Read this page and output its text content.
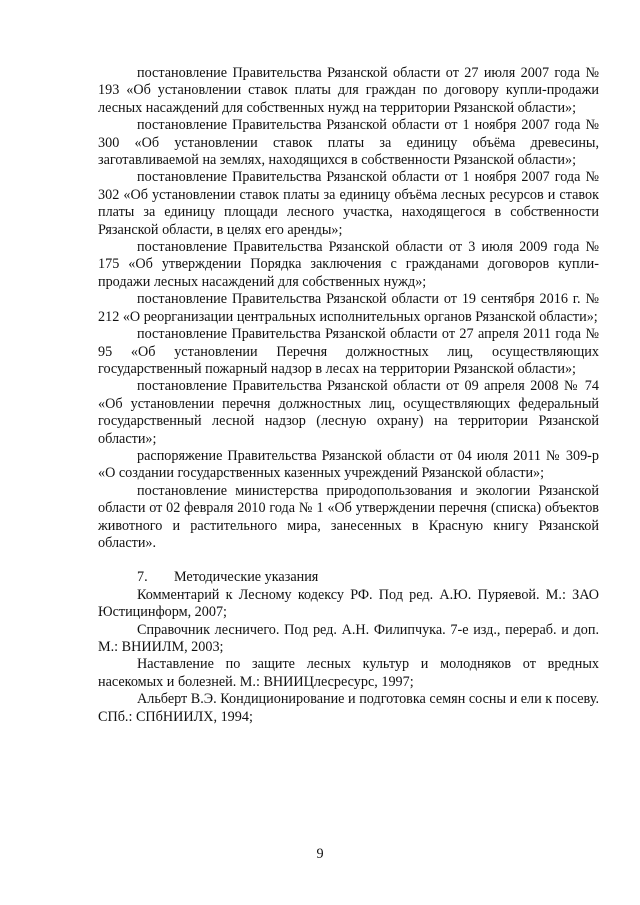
постановление Правительства Рязанской области от 27 июля 2007 года № 193 «Об установлении ставок платы для граждан по договору купли-продажи лесных насаждений для собственных нужд на территории Рязанской области»;

постановление Правительства Рязанской области от 1 ноября 2007 года № 300 «Об установлении ставок платы за единицу объёма древесины, заготавливаемой на землях, находящихся в собственности Рязанской области»;

постановление Правительства Рязанской области от 1 ноября 2007 года № 302 «Об установлении ставок платы за единицу объёма лесных ресурсов и ставок платы за единицу площади лесного участка, находящегося в собственности Рязанской области, в целях его аренды»;

постановление Правительства Рязанской области от 3 июля 2009 года № 175 «Об утверждении Порядка заключения с гражданами договоров купли-продажи лесных насаждений для собственных нужд»;

постановление Правительства Рязанской области от 19 сентября 2016 г. № 212 «О реорганизации центральных исполнительных органов Рязанской области»;

постановление Правительства Рязанской области от 27 апреля 2011 года № 95 «Об установлении Перечня должностных лиц, осуществляющих государственный пожарный надзор в лесах на территории Рязанской области»;

постановление Правительства Рязанской области от 09 апреля 2008 № 74 «Об установлении перечня должностных лиц, осуществляющих федеральный государственный лесной надзор (лесную охрану) на территории Рязанской области»;

распоряжение Правительства Рязанской области от 04 июля 2011 № 309-р «О создании государственных казенных учреждений Рязанской области»;

постановление министерства природопользования и экологии Рязанской области от 02 февраля 2010 года № 1 «Об утверждении перечня (списка) объектов животного и растительного мира, занесенных в Красную книгу Рязанской области».

7. Методические указания

Комментарий к Лесному кодексу РФ. Под ред. А.Ю. Пуряевой. М.: ЗАО Юстицинформ, 2007;

Справочник лесничего. Под ред. А.Н. Филипчука. 7-е изд., перераб. и доп. М.: ВНИИЛМ, 2003;

Наставление по защите лесных культур и молодняков от вредных насекомых и болезней. М.: ВНИИЦлесресурс, 1997;

Альберт В.Э. Кондиционирование и подготовка семян сосны и ели к посеву. СПб.: СПбНИИЛХ, 1994;

9
